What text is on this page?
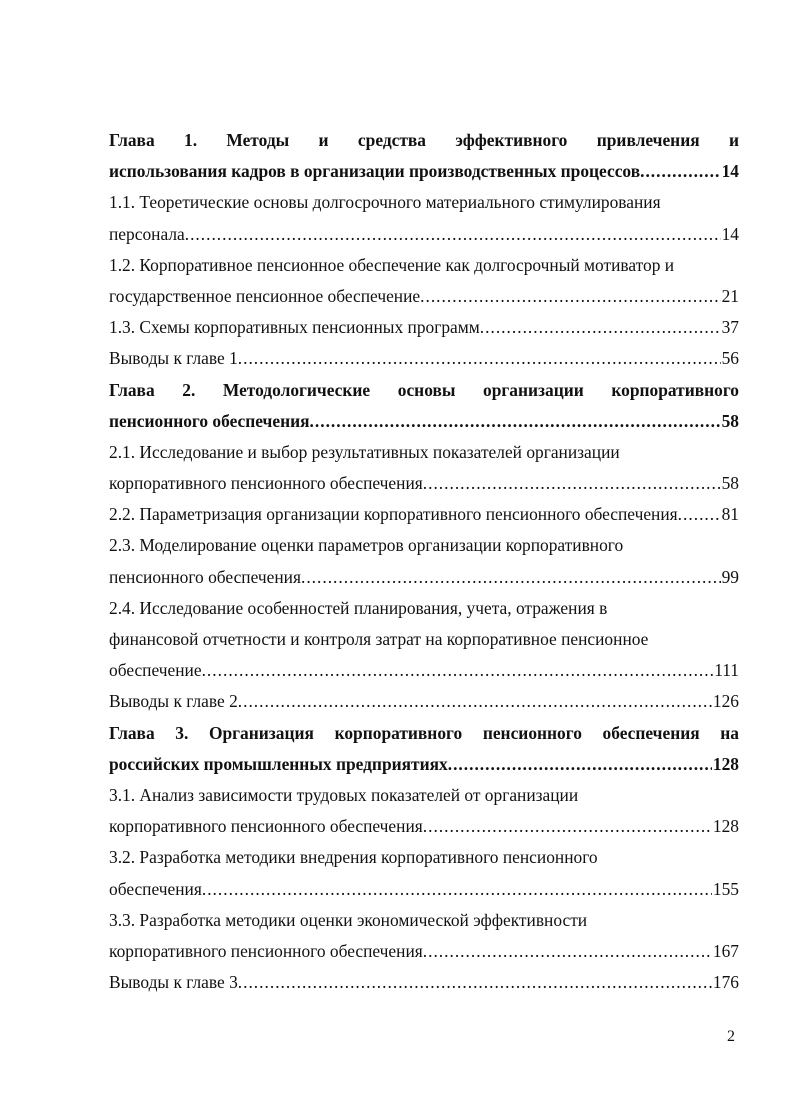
Глава 1. Методы и средства эффективного привлечения и
использования кадров в организации производственных процессов .....	14
1.1. Теоретические основы долгосрочного материального стимулирования
персонала .....	14
1.2. Корпоративное пенсионное обеспечение как долгосрочный мотиватор и
государственное пенсионное обеспечение .....	21
1.3. Схемы корпоративных пенсионных программ .....	37
Выводы к главе 1 .....	56
Глава 2. Методологические основы организации корпоративного
пенсионного обеспечения .....	58
2.1. Исследование и выбор результативных показателей организации
корпоративного пенсионного обеспечения .....	58
2.2. Параметризация организации корпоративного пенсионного обеспечения .....	81
2.3. Моделирование оценки параметров организации корпоративного
пенсионного обеспечения .....	99
2.4. Исследование особенностей планирования, учета, отражения в
финансовой отчетности и контроля затрат на корпоративное пенсионное
обеспечение .....	111
Выводы к главе 2 .....	126
Глава 3. Организация корпоративного пенсионного обеспечения на
российских промышленных предприятиях .....	128
3.1. Анализ зависимости трудовых показателей от организации
корпоративного пенсионного обеспечения .....	128
3.2. Разработка методики внедрения корпоративного пенсионного
обеспечения .....	155
3.3. Разработка методики оценки экономической эффективности
корпоративного пенсионного обеспечения .....	167
Выводы к главе 3 .....	176
2
